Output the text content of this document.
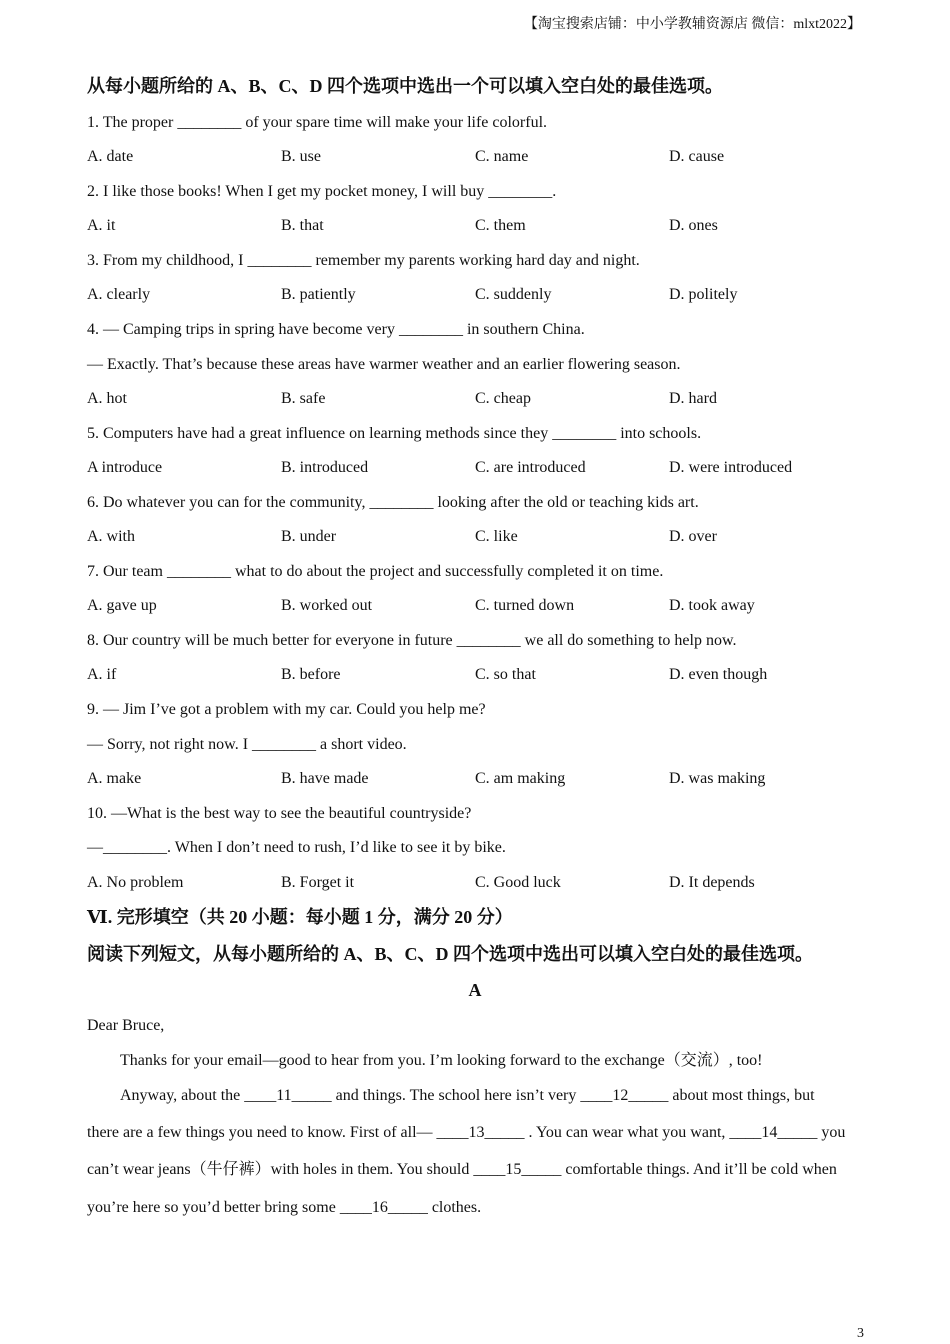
【淘宝搜索店铺：中小学教辅资源店 微信：mlxt2022】
从每小题所给的 A、B、C、D 四个选项中选出一个可以填入空白处的最佳选项。
1. The proper ________ of your spare time will make your life colorful.
A. date	B. use	C. name	D. cause
2. I like those books! When I get my pocket money, I will buy ________.
A. it	B. that	C. them	D. ones
3. From my childhood, I ________ remember my parents working hard day and night.
A. clearly	B. patiently	C. suddenly	D. politely
4. — Camping trips in spring have become very ________ in southern China.
— Exactly. That’s because these areas have warmer weather and an earlier flowering season.
A. hot	B. safe	C. cheap	D. hard
5. Computers have had a great influence on learning methods since they ________ into schools.
A introduce	B. introduced	C. are introduced	D. were introduced
6. Do whatever you can for the community, ________ looking after the old or teaching kids art.
A. with	B. under	C. like	D. over
7. Our team ________ what to do about the project and successfully completed it on time.
A. gave up	B. worked out	C. turned down	D. took away
8. Our country will be much better for everyone in future ________ we all do something to help now.
A. if	B. before	C. so that	D. even though
9. — Jim I’ve got a problem with my car. Could you help me?
— Sorry, not right now. I ________ a short video.
A. make	B. have made	C. am making	D. was making
10. —What is the best way to see the beautiful countryside?
—________. When I don’t need to rush, I’d like to see it by bike.
A. No problem	B. Forget it	C. Good luck	D. It depends
Ⅵ. 完形填空（共 20 小题：每小题 1 分，满分 20 分）
阅读下列短文，从每小题所给的 A、B、C、D 四个选项中选出可以填入空白处的最佳选项。
A
Dear Bruce,
Thanks for your email—good to hear from you. I’m looking forward to the exchange（交流）, too!
Anyway, about the ____11_____ and things. The school here isn’t very ____12_____ about most things, but
there are a few things you need to know. First of all— ____13_____ . You can wear what you want, ____14_____ you
can’t wear jeans（牛仔裤）with holes in them. You should ____15_____ comfortable things. And it’ll be cold when
you’re here so you’d better bring some ____16_____ clothes.
3
